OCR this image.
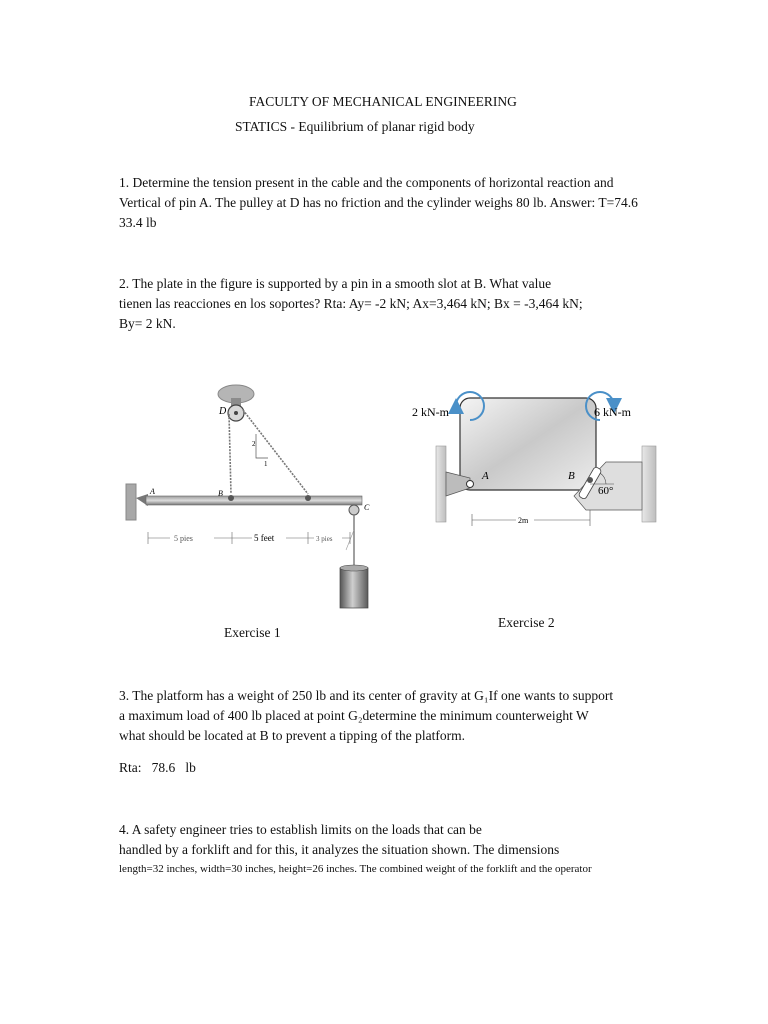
FACULTY OF MECHANICAL ENGINEERING
STATICS - Equilibrium of planar rigid body
1. Determine the tension present in the cable and the components of horizontal reaction and
Vertical of pin A. The pulley at D has no friction and the cylinder weighs 80 lb. Answer: T=74.6
33.4 lb
2. The plate in the figure is supported by a pin in a smooth slot at B. What value
tienen las reacciones en los soportes? Rta: Ay= -2 kN; Ax=3,464 kN; Bx = -3,464 kN;
By= 2 kN.
2
1
D
A	B
C
5 pies	5 feet	3 pies
Exercise 1
2 kN-m	6 kN-m
A	B
60°
2m
Exercise 2
3. The platform has a weight of 250 lb and its center of gravity at G₁If one wants to support
a maximum load of 400 lb placed at point G₂determine the minimum counterweight W
what should be located at B to prevent a tipping of the platform.
Rta:   78.6   lb
4. A safety engineer tries to establish limits on the loads that can be
handled by a forklift and for this, it analyzes the situation shown. The dimensions
length=32 inches, width=30 inches, height=26 inches. The combined weight of the forklift and the operator
